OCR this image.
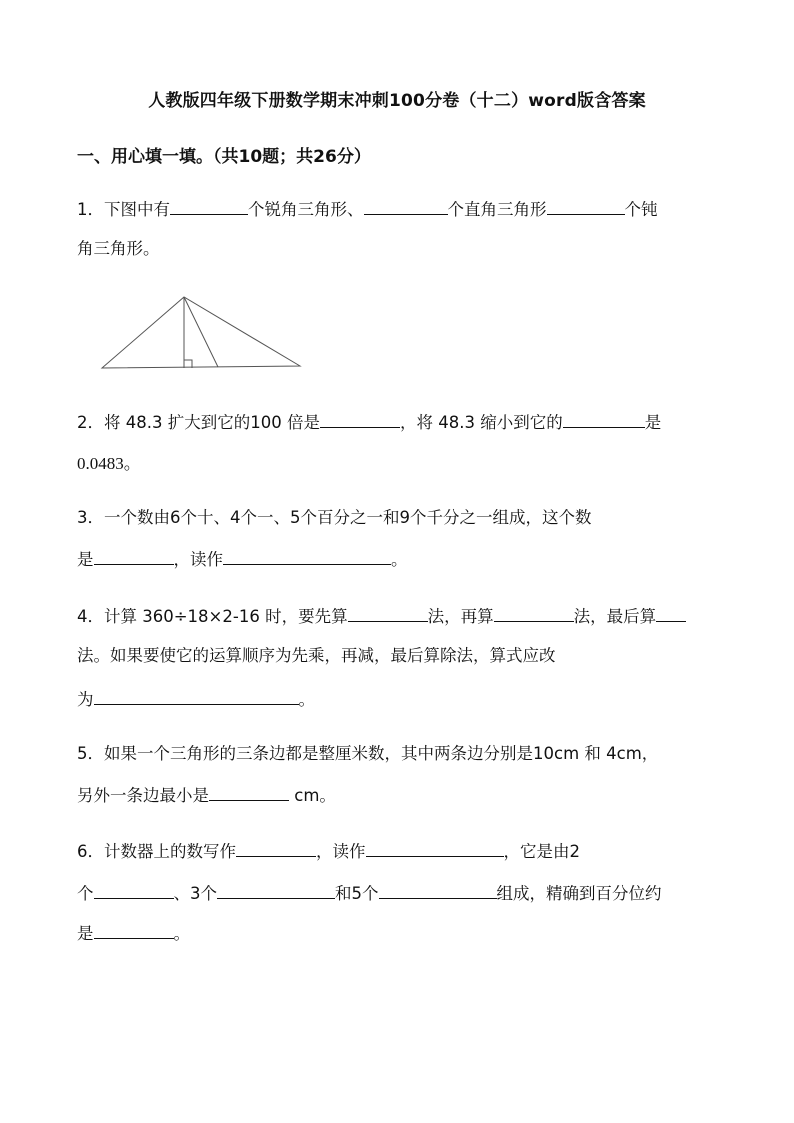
人教版四年级下册数学期末冲刺100分卷（十二）word版含答案
一、用心填一填。（共10题；共26分）
1．下图中有	个锐角三角形、	个直角三角形	个钝
角三角形。
2．将 48.3 扩大到它的100 倍是	，将 48.3 缩小到它的	是
0.0483。
3．一个数由6个十、4个一、5个百分之一和9个千分之一组成，这个数
是	，读作	。
4．计算 360÷18×2-16 时，要先算	法，再算	法，最后算
法。如果要使它的运算顺序为先乘，再减，最后算除法，算式应改
为	。
5．如果一个三角形的三条边都是整厘米数，其中两条边分别是10cm 和 4cm，
另外一条边最小是	cm。
6．计数器上的数写作	，读作	，它是由2
个	、3个	和5个	组成，精确到百分位约
是	。
